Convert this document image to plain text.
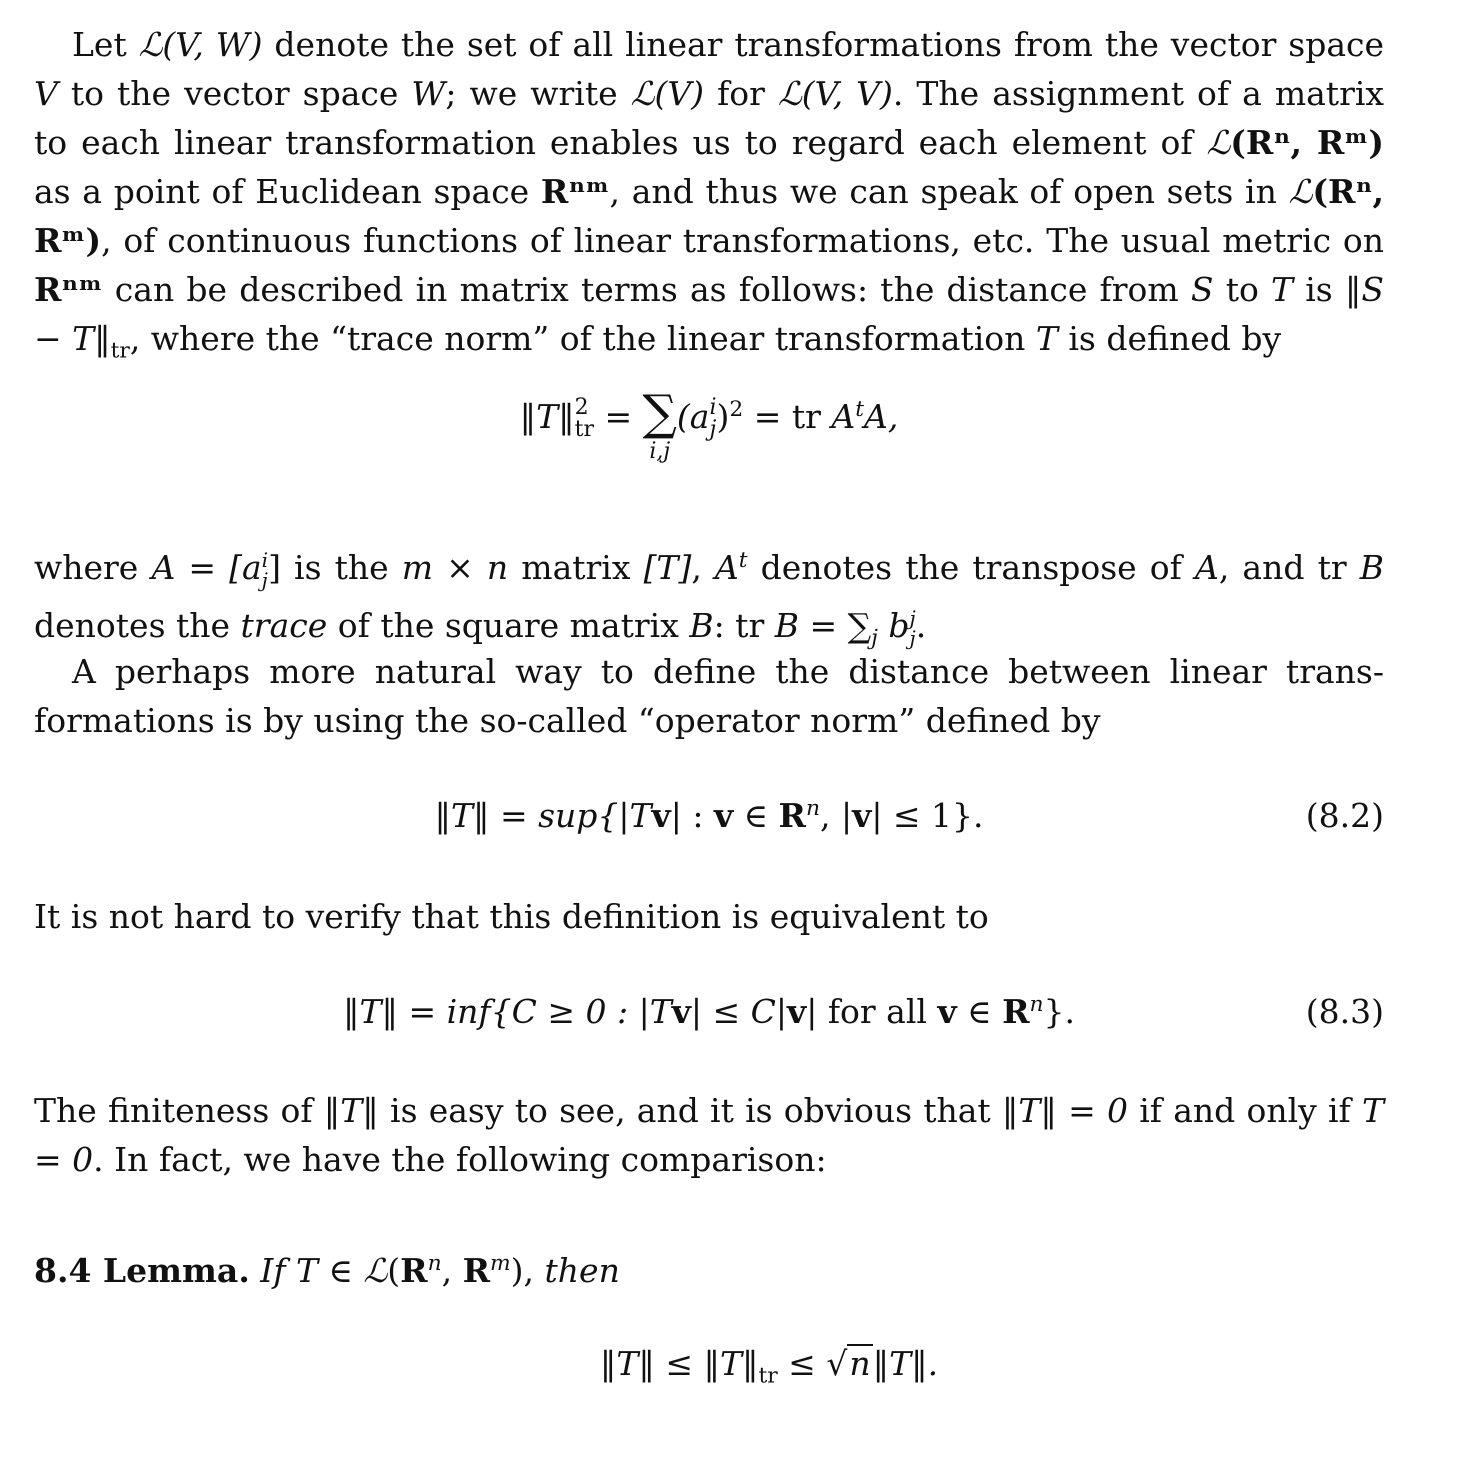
Let ℒ(V, W) denote the set of all linear transformations from the vector space V to the vector space W; we write ℒ(V) for ℒ(V, V). The assignment of a matrix to each linear transformation enables us to regard each element of ℒ(Rⁿ, Rᵐ) as a point of Euclidean space Rⁿᵐ, and thus we can speak of open sets in ℒ(Rⁿ, Rᵐ), of continuous functions of linear transformations, etc. The usual metric on Rⁿᵐ can be described in matrix terms as follows: the distance from S to T is ‖S − $T‖_{tr}$, where the “trace norm” of the linear transformation T is defined by

‖T‖ 2
tr = ∑
i,j
(a i
j )$^2$ = tr $A^tA$,

where A = [a i
j ] is the m × n matrix [T], $A^t$ denotes the transpose of A, and tr B denotes the trace of the square matrix B: tr $B = \sum_j$ b j
j .

A perhaps more natural way to define the distance between linear transformations is by using the so-called “operator norm” defined by

‖T‖ = sup{|Tv| : v ∈ $R^n$, |v| ≤ 1}.	(8.2)

It is not hard to verify that this definition is equivalent to

‖T‖ = inf{C ≥ 0 : |Tv| ≤ C|v| for all v ∈ $R^n$}.	(8.3)

The finiteness of ‖T‖ is easy to see, and it is obvious that ‖T‖ = 0 if and only if T = 0. In fact, we have the following comparison:

8.4 Lemma. If T ∈ $ℒ(R^n$, $R^m$), then

‖T‖ ≤ $‖T‖_{tr}$ ≤ √n‖T‖.
